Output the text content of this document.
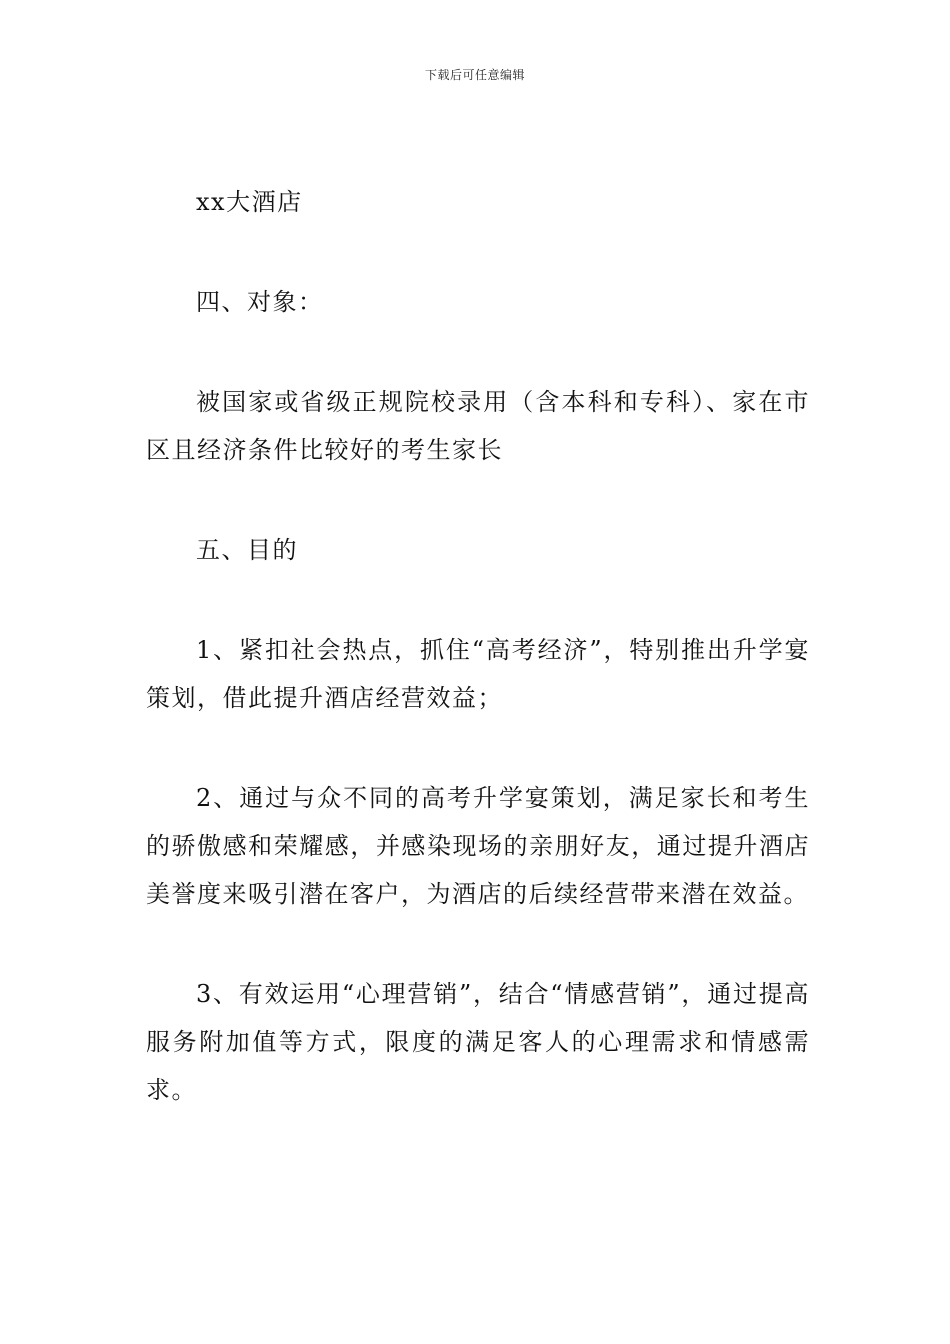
下载后可任意编辑

xx大酒店

四、对象：

被国家或省级正规院校录用（含本科和专科）、家在市区且经济条件比较好的考生家长

五、目的

1、紧扣社会热点，抓住“高考经济”，特别推出升学宴策划，借此提升酒店经营效益；

2、通过与众不同的高考升学宴策划，满足家长和考生的骄傲感和荣耀感，并感染现场的亲朋好友，通过提升酒店美誉度来吸引潜在客户，为酒店的后续经营带来潜在效益。

3、有效运用“心理营销”，结合“情感营销”，通过提高服务附加值等方式，限度的满足客人的心理需求和情感需求。
